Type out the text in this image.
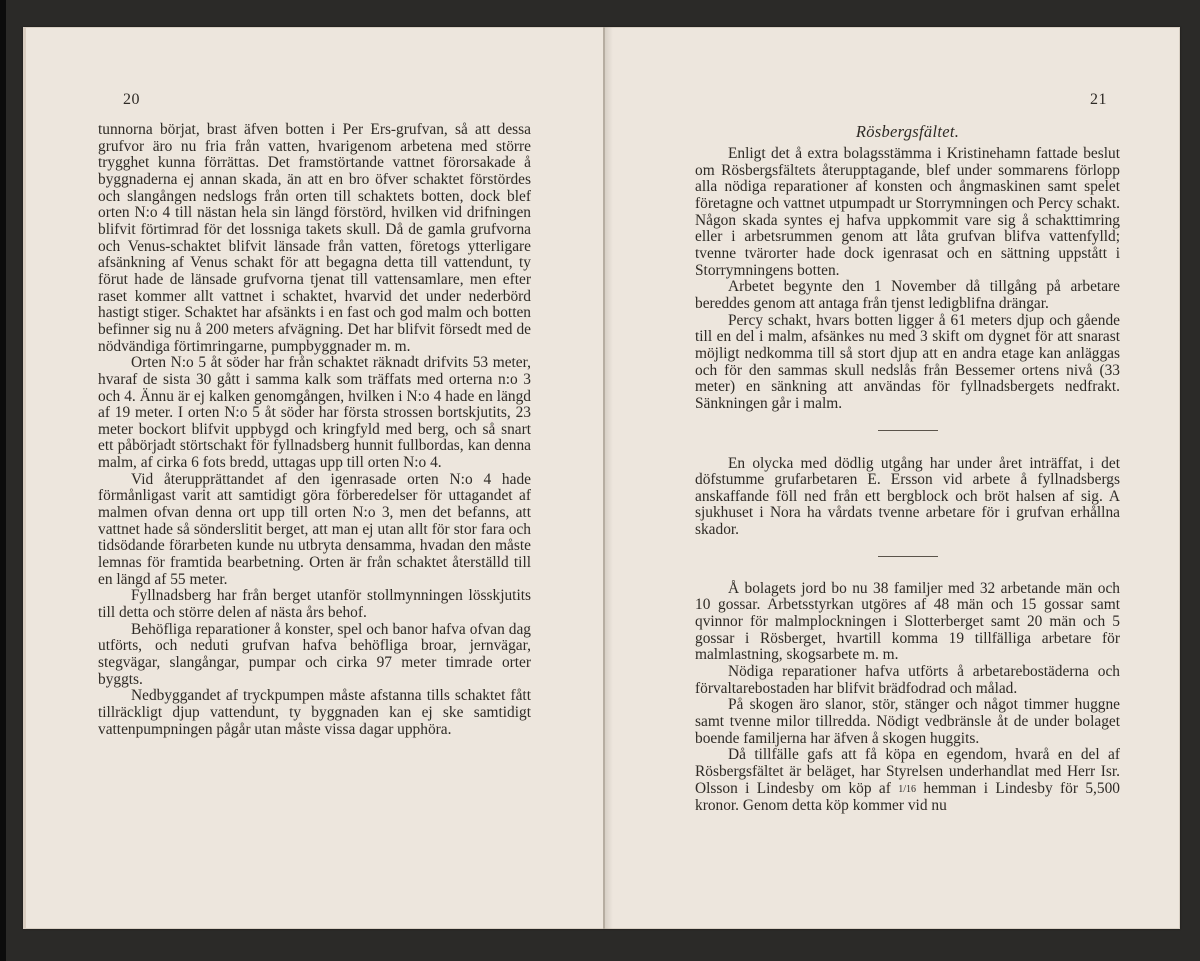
20

tunnorna börjat, brast äfven botten i Per Ers-grufvan, så att dessa grufvor äro nu fria från vatten, hvarigenom arbetena med större trygghet kunna förrättas. Det framstörtande vattnet förorsakade å byggnaderna ej annan skada, än att en bro öfver schaktet förstördes och slangången nedslogs från orten till schaktets botten, dock blef orten N:o 4 till nästan hela sin längd förstörd, hvilken vid drifningen blifvit förtimrad för det lossniga takets skull. Då de gamla grufvorna och Venus-schaktet blifvit länsade från vatten, företogs ytterligare afsänkning af Venus schakt för att begagna detta till vattendunt, ty förut hade de länsade grufvorna tjenat till vattensamlare, men efter raset kommer allt vattnet i schaktet, hvarvid det under nederbörd hastigt stiger. Schaktet har afsänkts i en fast och god malm och botten befinner sig nu å 200 meters afvägning. Det har blifvit försedt med de nödvändiga förtimringarne, pumpbyggnader m. m.

Orten N:o 5 åt söder har från schaktet räknadt drifvits 53 meter, hvaraf de sista 30 gått i samma kalk som träffats med orterna n:o 3 och 4. Ännu är ej kalken genomgången, hvilken i N:o 4 hade en längd af 19 meter. I orten N:o 5 åt söder har första strossen bortskjutits, 23 meter bockort blifvit uppbygd och kringfyld med berg, och så snart ett påbörjadt störtschakt för fyllnadsberg hunnit fullbordas, kan denna malm, af cirka 6 fots bredd, uttagas upp till orten N:o 4.

Vid återupprättandet af den igenrasade orten N:o 4 hade förmånligast varit att samtidigt göra förberedelser för uttagandet af malmen ofvan denna ort upp till orten N:o 3, men det befanns, att vattnet hade så sönderslitit berget, att man ej utan allt för stor fara och tidsödande förarbeten kunde nu utbryta densamma, hvadan den måste lemnas för framtida bearbetning. Orten är från schaktet återställd till en längd af 55 meter.

Fyllnadsberg har från berget utanför stollmynningen lösskjutits till detta och större delen af nästa års behof.

Behöfliga reparationer å konster, spel och banor hafva ofvan dag utförts, och neduti grufvan hafva behöfliga broar, jernvägar, stegvägar, slangångar, pumpar och cirka 97 meter timrade orter byggts.

Nedbyggandet af tryckpumpen måste afstanna tills schaktet fått tillräckligt djup vattendunt, ty byggnaden kan ej ske samtidigt vattenpumpningen pågår utan måste vissa dagar upphöra.

21
Rösbergsfältet.

Enligt det å extra bolagsstämma i Kristinehamn fattade beslut om Rösbergsfältets återupptagande, blef under sommarens förlopp alla nödiga reparationer af konsten och ångmaskinen samt spelet företagne och vattnet utpumpadt ur Storrymningen och Percy schakt. Någon skada syntes ej hafva uppkommit vare sig å schakttimring eller i arbetsrummen genom att låta grufvan blifva vattenfylld; tvenne tvärorter hade dock igenrasat och en sättning uppstått i Storrymningens botten.

Arbetet begynte den 1 November då tillgång på arbetare bereddes genom att antaga från tjenst ledigblifna drängar.

Percy schakt, hvars botten ligger å 61 meters djup och gående till en del i malm, afsänkes nu med 3 skift om dygnet för att snarast möjligt nedkomma till så stort djup att en andra etage kan anläggas och för den sammas skull nedslås från Bessemer ortens nivå (33 meter) en sänkning att användas för fyllnadsbergets nedfrakt. Sänkningen går i malm.

En olycka med dödlig utgång har under året inträffat, i det döfstumme grufarbetaren E. Ersson vid arbete å fyllnadsbergs anskaffande föll ned från ett bergblock och bröt halsen af sig. A sjukhuset i Nora ha vårdats tvenne arbetare för i grufvan erhållna skador.

Å bolagets jord bo nu 38 familjer med 32 arbetande män och 10 gossar. Arbetsstyrkan utgöres af 48 män och 15 gossar samt qvinnor för malmplockningen i Slotterberget samt 20 män och 5 gossar i Rösberget, hvartill komma 19 tillfälliga arbetare för malmlastning, skogsarbete m. m.

Nödiga reparationer hafva utförts å arbetarebostäderna och förvaltarebostaden har blifvit brädfodrad och målad.

På skogen äro slanor, stör, stänger och något timmer huggne samt tvenne milor tillredda. Nödigt vedbränsle åt de under bolaget boende familjerna har äfven å skogen huggits.

Då tillfälle gafs att få köpa en egendom, hvarå en del af Rösbergsfältet är beläget, har Styrelsen underhandlat med Herr Isr. Olsson i Lindesby om köp af 1/16 hemman i Lindesby för 5,500 kronor. Genom detta köp kommer vid nu
